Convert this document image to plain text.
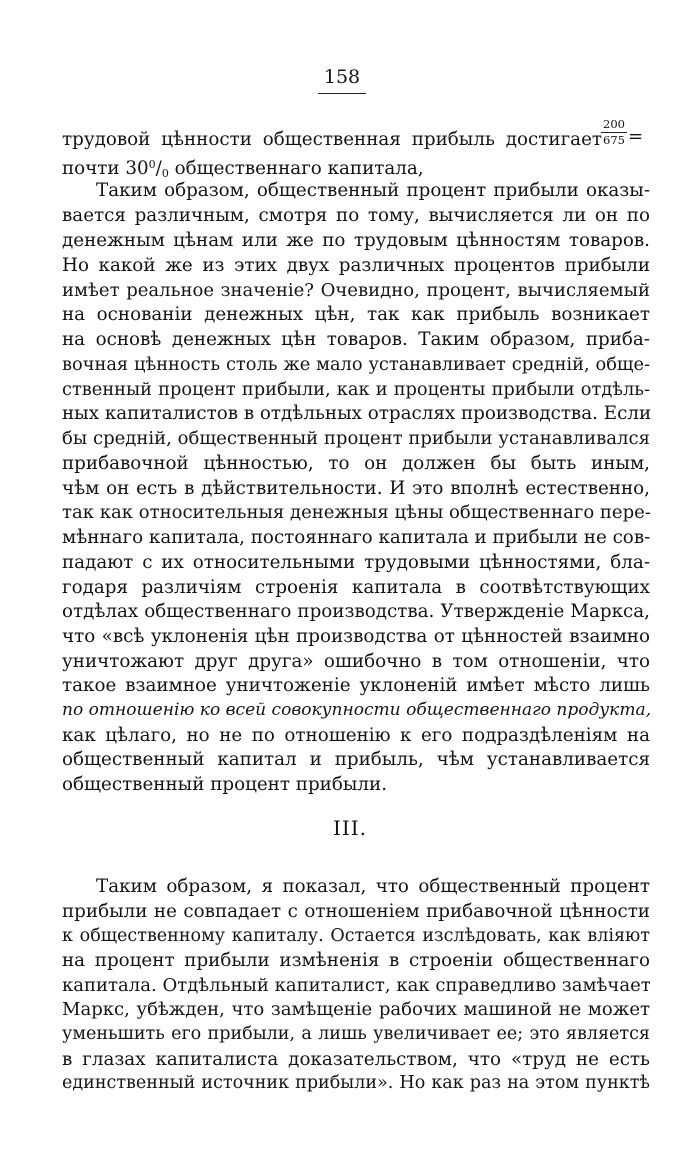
158
трудовой цѣнности общественная прибыль достигает $\frac{200}{675}$ =
почти $30^0/_0$ общественнаго капитала,
Таким образом, общественный процент прибыли оказы-
вается различным, смотря по тому, вычисляется ли он по
денежным цѣнам или же по трудовым цѣнностям товаров.
Но какой же из этих двух различных процентов прибыли
имѣет реальное значеніе? Очевидно, процент, вычисляемый
на основаніи денежных цѣн, так как прибыль возникает
на основѣ денежных цѣн товаров. Таким образом, приба-
вочная цѣнность столь же мало устанавливает средній, обще-
ственный процент прибыли, как и проценты прибыли отдѣль-
ных капиталистов в отдѣльных отраслях производства. Если
бы средній, общественный процент прибыли устанавливался
прибавочной цѣнностью, то он должен бы быть иным,
чѣм он есть в дѣйствительности. И это вполнѣ естественно,
так как относительныя денежныя цѣны общественнаго пере-
мѣннаго капитала, постояннаго капитала и прибыли не сов-
падают с их относительными трудовыми цѣнностями, бла-
годаря различіям строенія капитала в соотвѣтствующих
отдѣлах общественнаго производства. Утвержденіе Маркса,
что «всѣ уклоненія цѣн производства от цѣнностей взаимно
уничтожают друг друга» ошибочно в том отношеніи, что
такое взаимное уничтоженіе уклоненій имѣет мѣсто лишь
по отношенію ко всей совокупности общественнаго продукта,
как цѣлаго, но не по отношенію к его подраздѣленіям на
общественный капитал и прибыль, чѣм устанавливается
общественный процент прибыли.
III.
Таким образом, я показал, что общественный процент
прибыли не совпадает с отношеніем прибавочной цѣнности
к общественному капиталу. Остается изслѣдовать, как вліяют
на процент прибыли измѣненія в строеніи общественнаго
капитала. Отдѣльный капиталист, как справедливо замѣчает
Маркс, убѣжден, что замѣщеніе рабочих машиной не может
уменьшить его прибыли, а лишь увеличивает ее; это является
в глазах капиталиста доказательством, что «труд не есть
единственный источник прибыли». Но как раз на этом пунктѣ
